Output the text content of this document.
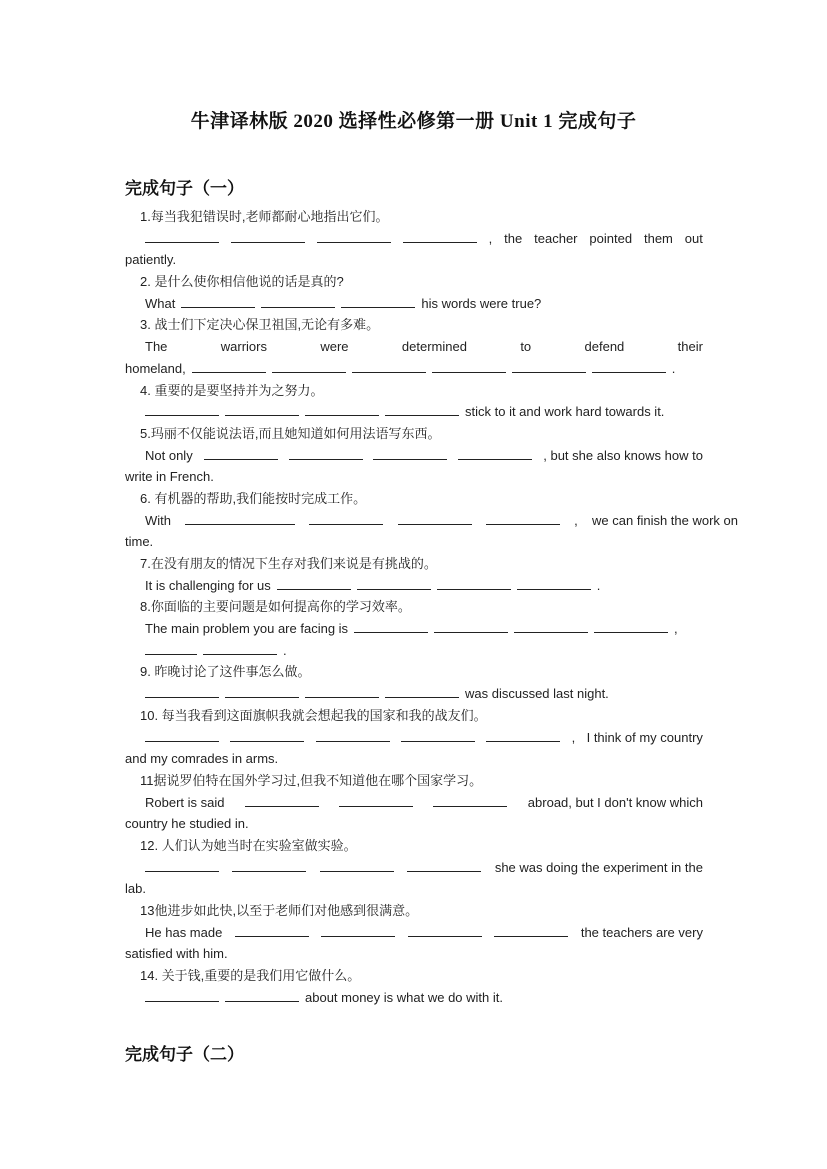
牛津译林版 2020 选择性必修第一册 Unit 1 完成句子
完成句子（一）
1.每当我犯错误时,老师都耐心地指出它们。
, the teacher pointed them out
patiently.
2. 是什么使你相信他说的话是真的?
What	his words were true?
3. 战士们下定决心保卫祖国,无论有多难。
The	warriors	were	determined	to	defend	their
homeland,	.
4. 重要的是要坚持并为之努力。
stick to it and work hard towards it.
5.玛丽不仅能说法语,而且她知道如何用法语写东西。
Not only	, but she also knows how to
write in French.
6. 有机器的帮助,我们能按时完成工作。
With	, we can finish the work on
time.
7.在没有朋友的情况下生存对我们来说是有挑战的。
It is challenging for us	.
8.你面临的主要问题是如何提高你的学习效率。
The main problem you are facing is	,
.
9. 昨晚讨论了这件事怎么做。
was discussed last night.
10. 每当我看到这面旗帜我就会想起我的国家和我的战友们。
, I think of my country
and my comrades in arms.
11据说罗伯特在国外学习过,但我不知道他在哪个国家学习。
Robert is said	abroad, but I don't know which
country he studied in.
12. 人们认为她当时在实验室做实验。
she was doing the experiment in the
lab.
13他进步如此快,以至于老师们对他感到很满意。
He has made	the teachers are very
satisfied with him.
14. 关于钱,重要的是我们用它做什么。
about money is what we do with it.
完成句子（二）
